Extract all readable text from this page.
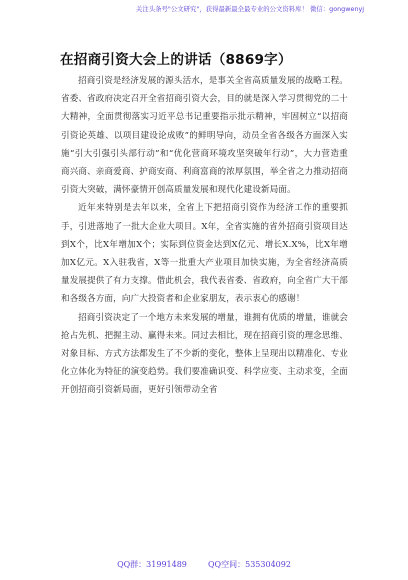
关注头条号"公文研究"，获得最新最全最专业的公文资料库！ 微信：gongwenyj
在招商引资大会上的讲话（8869字）

招商引资是经济发展的源头活水，是事关全省高质量发展的战略工程。省委、省政府决定召开全省招商引资大会，目的就是深入学习贯彻党的二十大精神，全面贯彻落实习近平总书记重要指示批示精神，牢固树立“以招商引资论英雄、以项目建设论成败”的鲜明导向，动员全省各级各方面深入实施“引大引强引头部行动”和“优化营商环境攻坚突破年行动”，大力营造重商兴商、亲商爱商、护商安商、利商富商的浓厚氛围，举全省之力推动招商引资大突破，满怀豪情开创高质量发展和现代化建设新局面。

近年来特别是去年以来，全省上下把招商引资作为经济工作的重要抓手，引进落地了一批大企业大项目。X年，全省实施的省外招商引资项目达到X个，比X年增加X个；实际到位资金达到X亿元、增长X.X%，比X年增加X亿元。X入驻我省，X等一批重大产业项目加快实施，为全省经济高质量发展提供了有力支撑。借此机会，我代表省委、省政府，向全省广大干部和各级各方面，向广大投资者和企业家朋友，表示衷心的感谢！

招商引资决定了一个地方未来发展的增量，谁拥有优质的增量，谁就会抢占先机、把握主动、赢得未来。同过去相比，现在招商引资的理念思维、对象目标、方式方法都发生了不少新的变化，整体上呈现出以精准化、专业化立体化为特征的演变趋势。我们要准确识变、科学应变、主动求变，全面开创招商引资新局面，更好引领带动全省

QQ群：31991489	QQ空间：535304092
